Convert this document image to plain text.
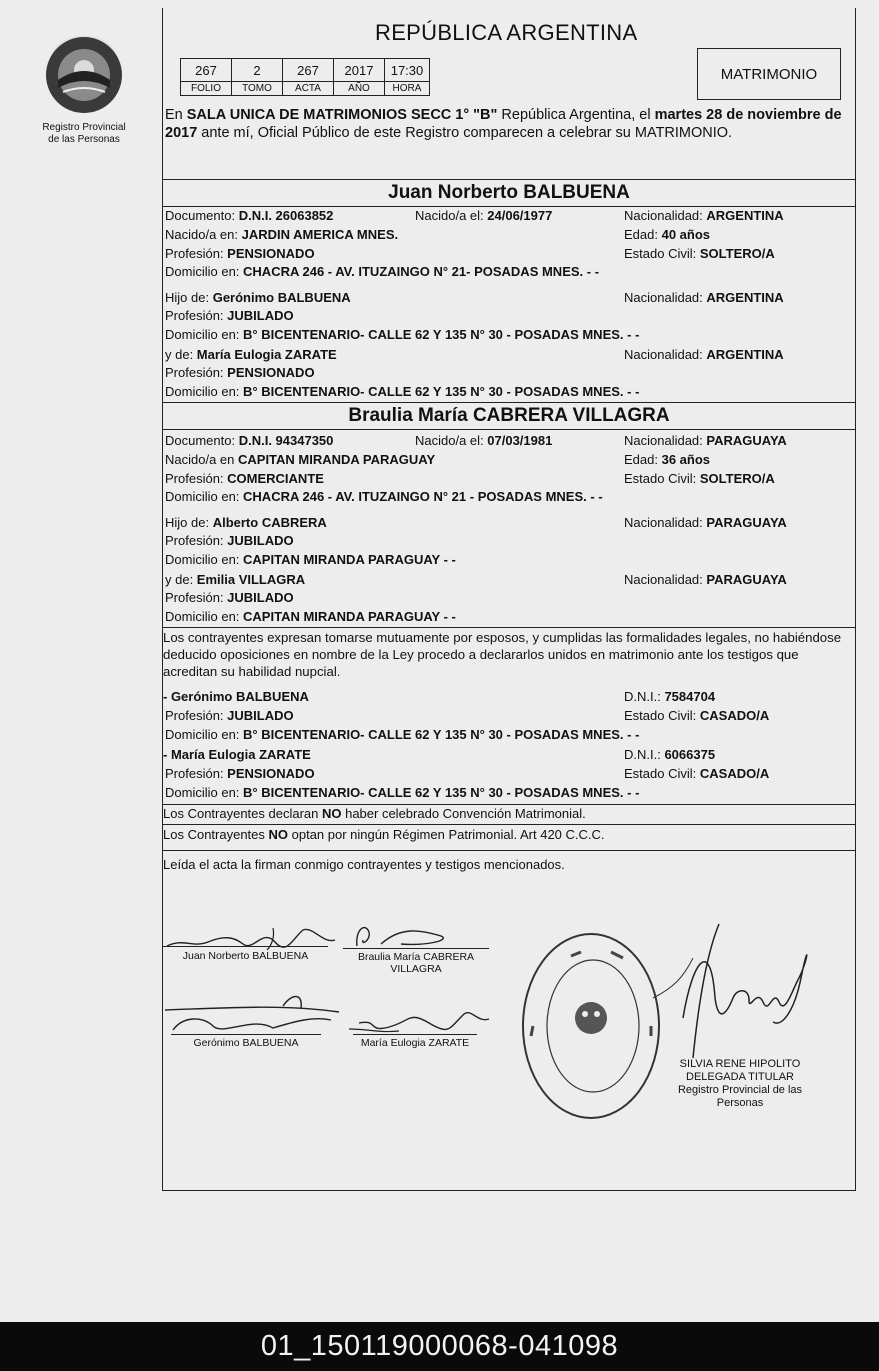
Registro Provincial
de las Personas
REPÚBLICA ARGENTINA
267	2	267	2017	17:30
FOLIO	TOMO	ACTA	AÑO	HORA
MATRIMONIO
En SALA UNICA DE MATRIMONIOS SECC 1° "B" República Argentina, el martes 28 de noviembre de 2017 ante mí, Oficial Público de este Registro comparecen a celebrar su MATRIMONIO.
Juan Norberto BALBUENA
Documento: D.N.I. 26063852	Nacido/a el: 24/06/1977	Nacionalidad: ARGENTINA
Nacido/a en: JARDIN AMERICA MNES.	Edad: 40 años
Profesión: PENSIONADO	Estado Civil: SOLTERO/A
Domicilio en: CHACRA 246 - AV. ITUZAINGO N° 21- POSADAS MNES. - -
Hijo de: Gerónimo BALBUENA	Nacionalidad: ARGENTINA
Profesión: JUBILADO
Domicilio en: B° BICENTENARIO- CALLE 62 Y 135 N° 30 - POSADAS MNES. - -
y de: María Eulogia ZARATE	Nacionalidad: ARGENTINA
Profesión: PENSIONADO
Domicilio en: B° BICENTENARIO- CALLE 62 Y 135 N° 30 - POSADAS MNES. - -
Braulia María CABRERA VILLAGRA
Documento: D.N.I. 94347350	Nacido/a el: 07/03/1981	Nacionalidad: PARAGUAYA
Nacido/a en CAPITAN MIRANDA PARAGUAY	Edad: 36 años
Profesión: COMERCIANTE	Estado Civil: SOLTERO/A
Domicilio en: CHACRA 246 - AV. ITUZAINGO N° 21 - POSADAS MNES. - -
Hijo de: Alberto CABRERA	Nacionalidad: PARAGUAYA
Profesión: JUBILADO
Domicilio en: CAPITAN MIRANDA PARAGUAY - -
y de: Emilia VILLAGRA	Nacionalidad: PARAGUAYA
Profesión: JUBILADO
Domicilio en: CAPITAN MIRANDA PARAGUAY - -
Los contrayentes expresan tomarse mutuamente por esposos, y cumplidas las formalidades legales, no habiéndose deducido oposiciones en nombre de la Ley procedo a declararlos unidos en matrimonio ante los testigos que acreditan su habilidad nupcial.
- Gerónimo BALBUENA	D.N.I.: 7584704
Profesión: JUBILADO	Estado Civil: CASADO/A
Domicilio en: B° BICENTENARIO- CALLE 62 Y 135 N° 30 - POSADAS MNES. - -
- María Eulogia ZARATE	D.N.I.: 6066375
Profesión: PENSIONADO	Estado Civil: CASADO/A
Domicilio en: B° BICENTENARIO- CALLE 62 Y 135 N° 30 - POSADAS MNES. - -
Los Contrayentes declaran NO haber celebrado Convención Matrimonial.
Los Contrayentes NO optan por ningún Régimen Patrimonial. Art 420 C.C.C.
Leída el acta la firman conmigo contrayentes y testigos mencionados.
Juan Norberto BALBUENA	Braulia María CABRERA
VILLAGRA
Gerónimo BALBUENA	María Eulogia ZARATE
SILVIA RENE HIPOLITO
DELEGADA TITULAR
Registro Provincial de las Personas
01_150119000068-041098
